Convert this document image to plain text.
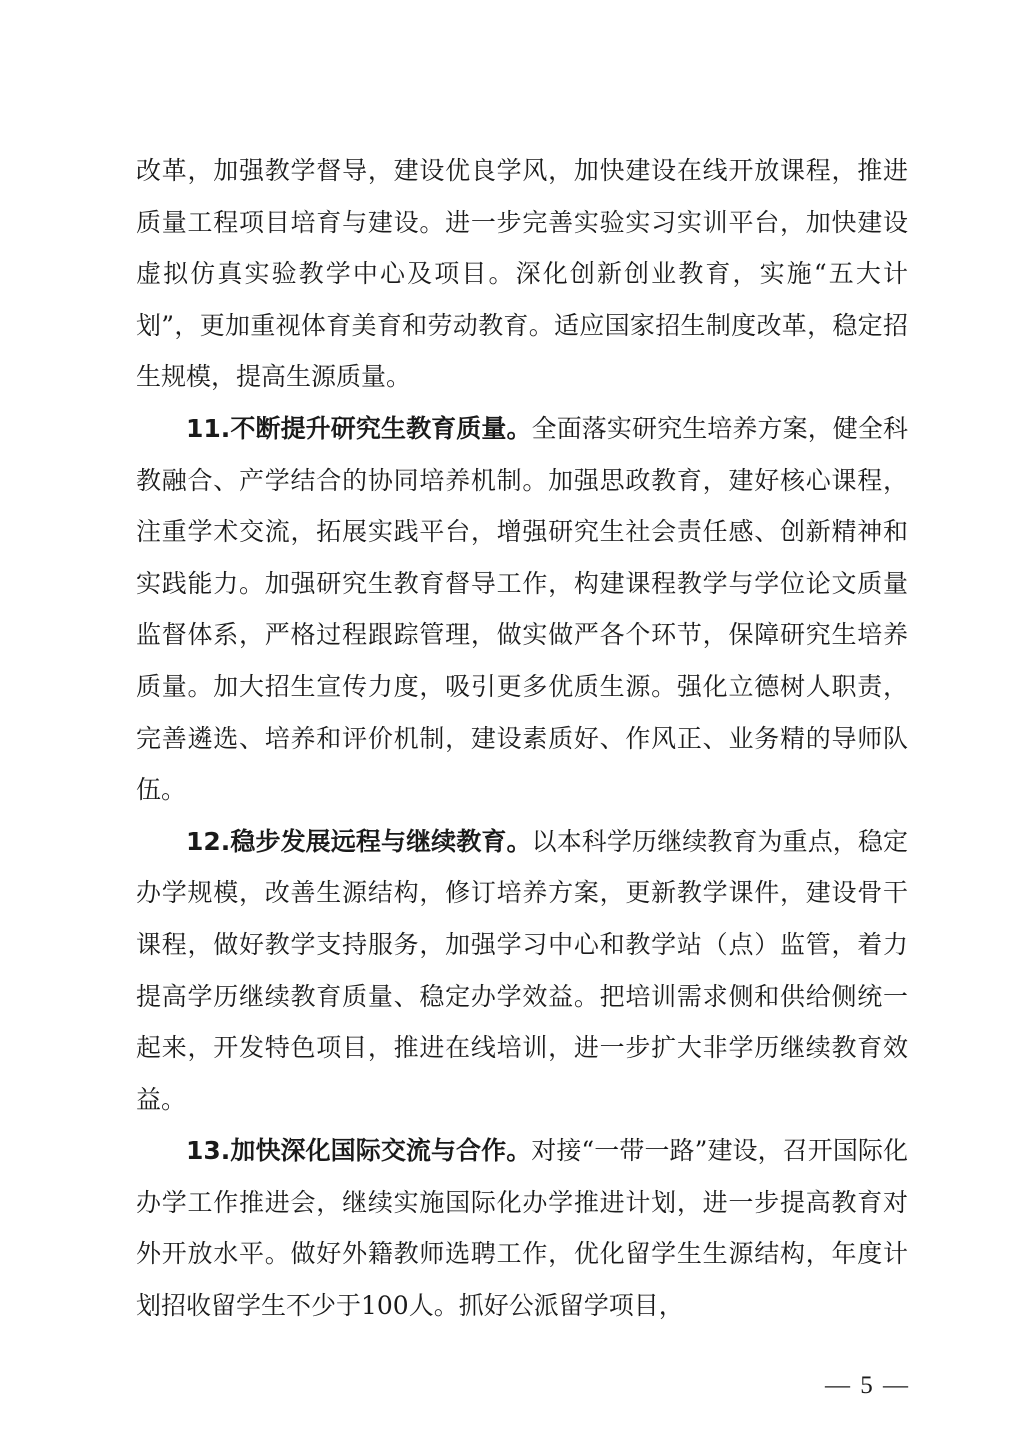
改革，加强教学督导，建设优良学风，加快建设在线开放课程，推进质量工程项目培育与建设。进一步完善实验实习实训平台，加快建设虚拟仿真实验教学中心及项目。深化创新创业教育，实施“五大计划”，更加重视体育美育和劳动教育。适应国家招生制度改革，稳定招生规模，提高生源质量。

11.不断提升研究生教育质量。全面落实研究生培养方案，健全科教融合、产学结合的协同培养机制。加强思政教育，建好核心课程，注重学术交流，拓展实践平台，增强研究生社会责任感、创新精神和实践能力。加强研究生教育督导工作，构建课程教学与学位论文质量监督体系，严格过程跟踪管理，做实做严各个环节，保障研究生培养质量。加大招生宣传力度，吸引更多优质生源。强化立德树人职责，完善遴选、培养和评价机制，建设素质好、作风正、业务精的导师队伍。

12.稳步发展远程与继续教育。以本科学历继续教育为重点，稳定办学规模，改善生源结构，修订培养方案，更新教学课件，建设骨干课程，做好教学支持服务，加强学习中心和教学站（点）监管，着力提高学历继续教育质量、稳定办学效益。把培训需求侧和供给侧统一起来，开发特色项目，推进在线培训，进一步扩大非学历继续教育效益。

13.加快深化国际交流与合作。对接“一带一路”建设，召开国际化办学工作推进会，继续实施国际化办学推进计划，进一步提高教育对外开放水平。做好外籍教师选聘工作，优化留学生生源结构，年度计划招收留学生不少于100人。抓好公派留学项目，

— 5 —
